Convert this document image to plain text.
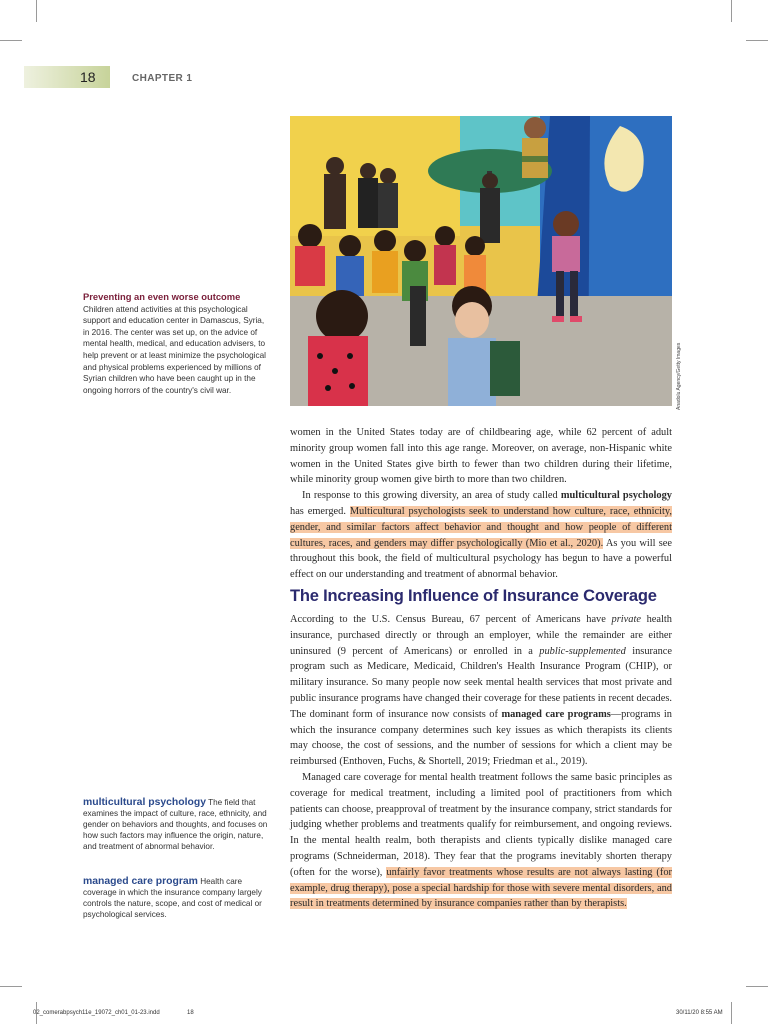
18	CHAPTER 1
Anadolu Agency/Getty Images
Preventing an even worse outcome Children attend activities at this psychological support and education center in Damascus, Syria, in 2016. The center was set up, on the advice of mental health, medical, and education advisers, to help prevent or at least minimize the psychological and physical problems experienced by millions of Syrian children who have been caught up in the ongoing horrors of the country's civil war.

women in the United States today are of childbearing age, while 62 percent of adult minority group women fall into this age range. Moreover, on average, non-Hispanic white women in the United States give birth to fewer than two children during their lifetime, while minority group women give birth to more than two children.

In response to this growing diversity, an area of study called multicultural psychology has emerged. Multicultural psychologists seek to understand how culture, race, ethnicity, gender, and similar factors affect behavior and thought and how people of different cultures, races, and genders may differ psychologically (Mio et al., 2020). As you will see throughout this book, the field of multicultural psychology has begun to have a powerful effect on our understanding and treatment of abnormal behavior.

The Increasing Influence of Insurance Coverage

According to the U.S. Census Bureau, 67 percent of Americans have private health insurance, purchased directly or through an employer, while the remainder are either uninsured (9 percent of Americans) or enrolled in a public-supplemented insurance program such as Medicare, Medicaid, Children's Health Insurance Program (CHIP), or military insurance. So many people now seek mental health services that most private and public insurance programs have changed their coverage for these patients in recent decades. The dominant form of insurance now consists of managed care programs—programs in which the insurance company determines such key issues as which therapists its clients may choose, the cost of sessions, and the number of sessions for which a client may be reimbursed (Enthoven, Fuchs, & Shortell, 2019; Friedman et al., 2019).

Managed care coverage for mental health treatment follows the same basic principles as coverage for medical treatment, including a limited pool of practitioners from which patients can choose, preapproval of treatment by the insurance company, strict standards for judging whether problems and treatments qualify for reimbursement, and ongoing reviews. In the mental health realm, both therapists and clients typically dislike managed care programs (Schneiderman, 2018). They fear that the programs inevitably shorten therapy (often for the worse), unfairly favor treatments whose results are not always lasting (for example, drug therapy), pose a special hardship for those with severe mental disorders, and result in treatments determined by insurance companies rather than by therapists.

multicultural psychology The field that examines the impact of culture, race, ethnicity, and gender on behaviors and thoughts, and focuses on how such factors may influence the origin, nature, and treatment of abnormal behavior.
managed care program Health care coverage in which the insurance company largely controls the nature, scope, and cost of medical or psychological services.
02_comerabpsych11e_19072_ch01_01-23.indd	18	30/11/20 8:55 AM
